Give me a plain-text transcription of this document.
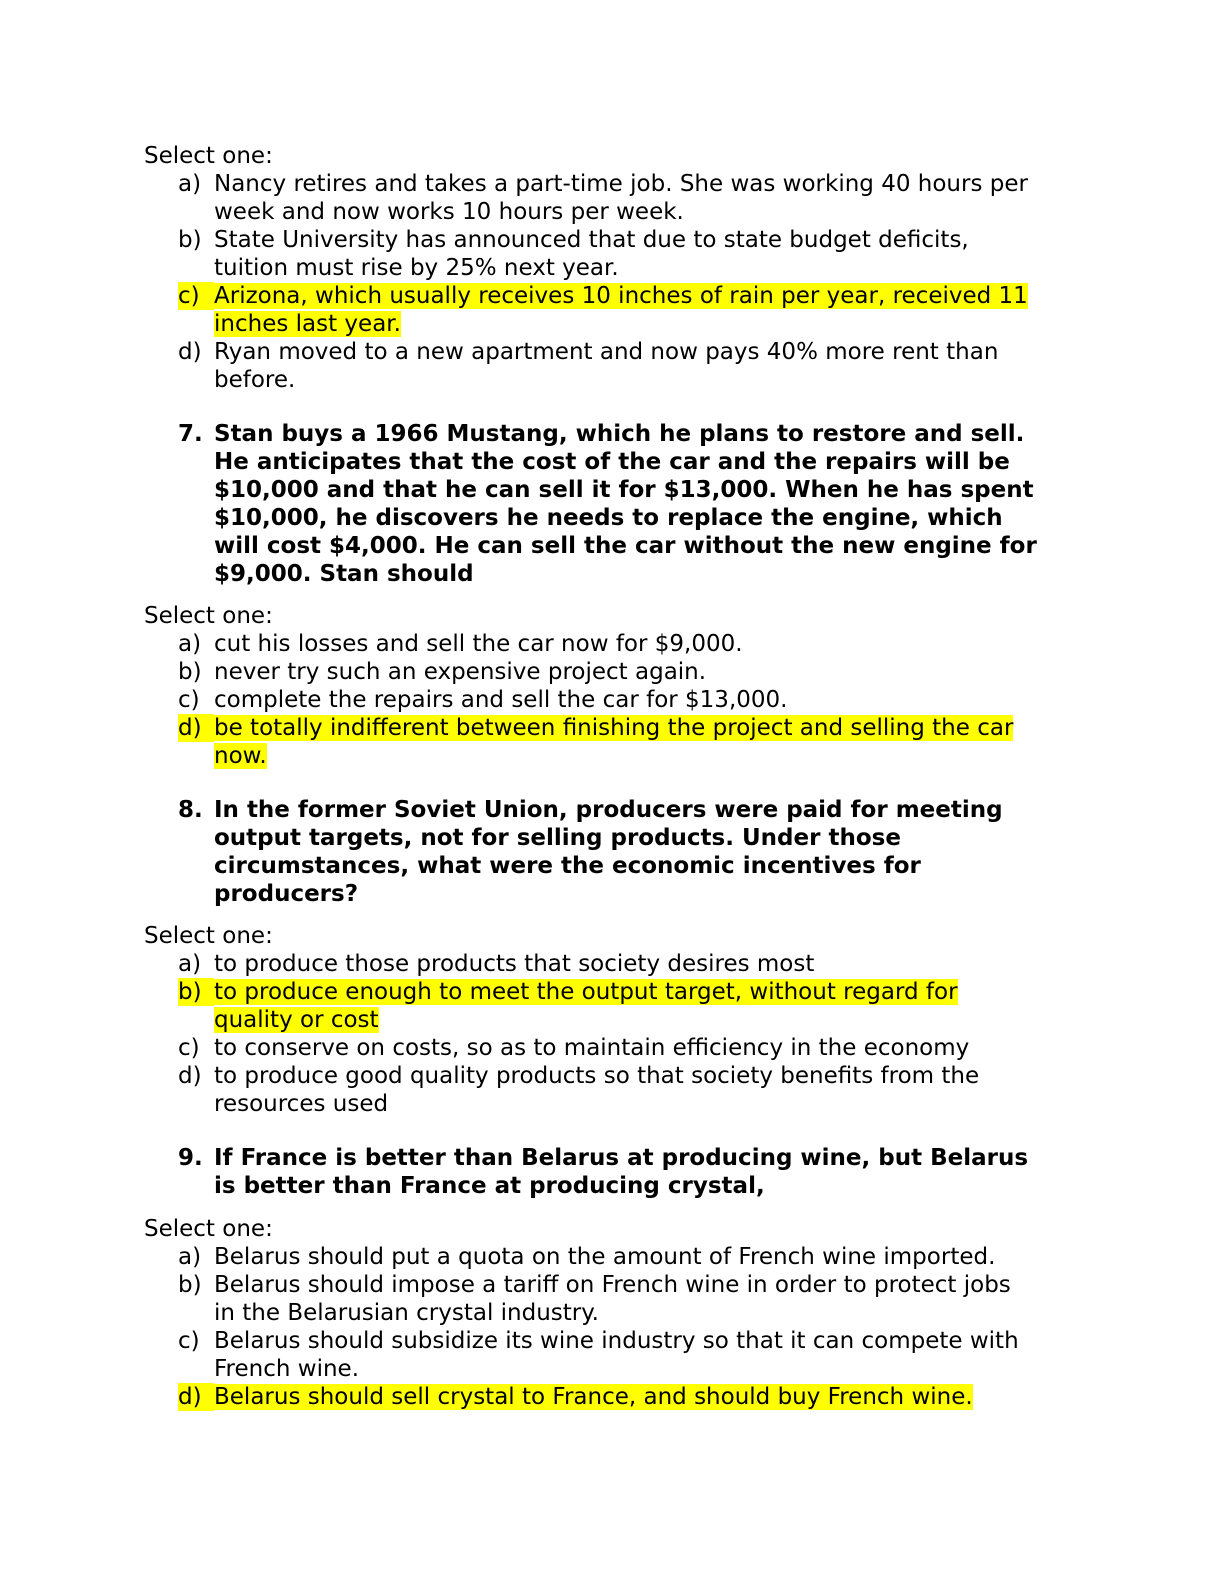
Select one:
a) Nancy retires and takes a part-time job. She was working 40 hours per
week and now works 10 hours per week.
b) State University has announced that due to state budget deficits,
tuition must rise by 25% next year.
c) Arizona, which usually receives 10 inches of rain per year, received 11
inches last year.
d) Ryan moved to a new apartment and now pays 40% more rent than
before.
7. Stan buys a 1966 Mustang, which he plans to restore and sell.
He anticipates that the cost of the car and the repairs will be
$10,000 and that he can sell it for $13,000. When he has spent
$10,000, he discovers he needs to replace the engine, which
will cost $4,000. He can sell the car without the new engine for
$9,000. Stan should
Select one:
a) cut his losses and sell the car now for $9,000.
b) never try such an expensive project again.
c) complete the repairs and sell the car for $13,000.
d) be totally indifferent between finishing the project and selling the car
now.
8. In the former Soviet Union, producers were paid for meeting
output targets, not for selling products. Under those
circumstances, what were the economic incentives for
producers?
Select one:
a) to produce those products that society desires most
b) to produce enough to meet the output target, without regard for
quality or cost
c) to conserve on costs, so as to maintain efficiency in the economy
d) to produce good quality products so that society benefits from the
resources used
9. If France is better than Belarus at producing wine, but Belarus
is better than France at producing crystal,
Select one:
a) Belarus should put a quota on the amount of French wine imported.
b) Belarus should impose a tariff on French wine in order to protect jobs
in the Belarusian crystal industry.
c) Belarus should subsidize its wine industry so that it can compete with
French wine.
d) Belarus should sell crystal to France, and should buy French wine.
